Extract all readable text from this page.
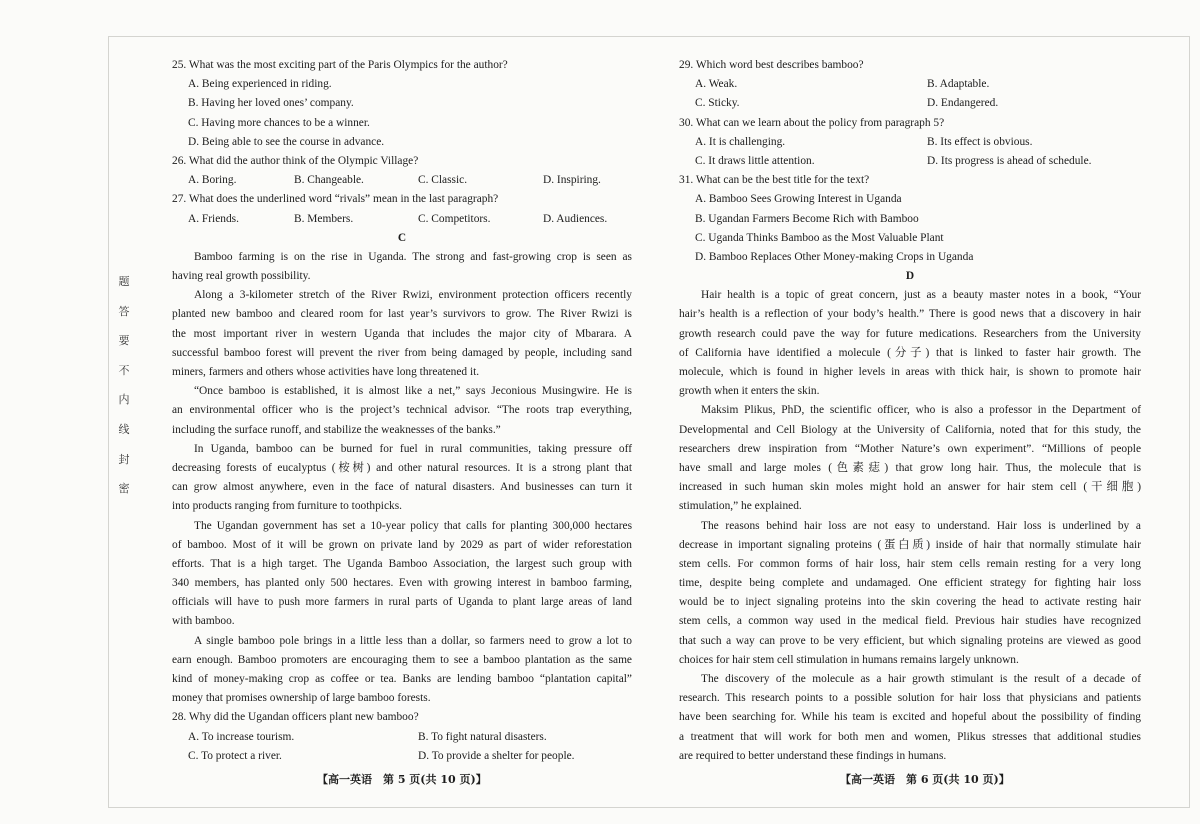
题
答
要
不
内
线
封
密
25. What was the most exciting part of the Paris Olympics for the author?
A. Being experienced in riding.
B. Having her loved ones’ company.
C. Having more chances to be a winner.
D. Being able to see the course in advance.
26. What did the author think of the Olympic Village?
A. Boring.	B. Changeable.	C. Classic.	D. Inspiring.
27. What does the underlined word “rivals” mean in the last paragraph?
A. Friends.	B. Members.	C. Competitors.	D. Audiences.
C
Bamboo farming is on the rise in Uganda. The strong and fast-growing crop is seen as
having real growth possibility.
Along a 3-kilometer stretch of the River Rwizi, environment protection officers recently
planted new bamboo and cleared room for last year’s survivors to grow. The River Rwizi is
the most important river in western Uganda that includes the major city of Mbarara. A
successful bamboo forest will prevent the river from being damaged by people, including sand
miners, farmers and others whose activities have long threatened it.
“Once bamboo is established, it is almost like a net,” says Jeconious Musingwire. He is
an environmental officer who is the project’s technical advisor. “The roots trap everything,
including the surface runoff, and stabilize the weaknesses of the banks.”
In Uganda, bamboo can be burned for fuel in rural communities, taking pressure off
decreasing forests of eucalyptus (桉树) and other natural resources. It is a strong plant that
can grow almost anywhere, even in the face of natural disasters. And businesses can turn it
into products ranging from furniture to toothpicks.
The Ugandan government has set a 10-year policy that calls for planting 300,000 hectares
of bamboo. Most of it will be grown on private land by 2029 as part of wider reforestation
efforts. That is a high target. The Uganda Bamboo Association, the largest such group with
340 members, has planted only 500 hectares. Even with growing interest in bamboo farming,
officials will have to push more farmers in rural parts of Uganda to plant large areas of land
with bamboo.
A single bamboo pole brings in a little less than a dollar, so farmers need to grow a lot to
earn enough. Bamboo promoters are encouraging them to see a bamboo plantation as the same
kind of money-making crop as coffee or tea. Banks are lending bamboo “plantation capital”
money that promises ownership of large bamboo forests.
28. Why did the Ugandan officers plant new bamboo?
A. To increase tourism.	B. To fight natural disasters.
C. To protect a river.	D. To provide a shelter for people.
29. Which word best describes bamboo?
A. Weak.	B. Adaptable.
C. Sticky.	D. Endangered.
30. What can we learn about the policy from paragraph 5?
A. It is challenging.	B. Its effect is obvious.
C. It draws little attention.	D. Its progress is ahead of schedule.
31. What can be the best title for the text?
A. Bamboo Sees Growing Interest in Uganda
B. Ugandan Farmers Become Rich with Bamboo
C. Uganda Thinks Bamboo as the Most Valuable Plant
D. Bamboo Replaces Other Money-making Crops in Uganda
D
Hair health is a topic of great concern, just as a beauty master notes in a book, “Your
hair’s health is a reflection of your body’s health.” There is good news that a discovery in hair
growth research could pave the way for future medications. Researchers from the University
of California have identified a molecule (分子) that is linked to faster hair growth. The
molecule, which is found in higher levels in areas with thick hair, is shown to promote hair
growth when it enters the skin.
Maksim Plikus, PhD, the scientific officer, who is also a professor in the Department of
Developmental and Cell Biology at the University of California, noted that for this study, the
researchers drew inspiration from “Mother Nature’s own experiment”. “Millions of people
have small and large moles (色素痣) that grow long hair. Thus, the molecule that is
increased in such human skin moles might hold an answer for hair stem cell (干细胞)
stimulation,” he explained.
The reasons behind hair loss are not easy to understand. Hair loss is underlined by a
decrease in important signaling proteins (蛋白质) inside of hair that normally stimulate hair
stem cells. For common forms of hair loss, hair stem cells remain resting for a very long
time, despite being complete and undamaged. One efficient strategy for fighting hair loss
would be to inject signaling proteins into the skin covering the head to activate resting hair
stem cells, a common way used in the medical field. Previous hair studies have recognized
that such a way can prove to be very efficient, but which signaling proteins are viewed as good
choices for hair stem cell stimulation in humans remains largely unknown.
The discovery of the molecule as a hair growth stimulant is the result of a decade of
research. This research points to a possible solution for hair loss that physicians and patients
have been searching for. While his team is excited and hopeful about the possibility of finding
a treatment that will work for both men and women, Plikus stresses that additional studies
are required to better understand these findings in humans.
【高一英语　第 5 页(共 10 页)】	【高一英语　第 6 页(共 10 页)】
